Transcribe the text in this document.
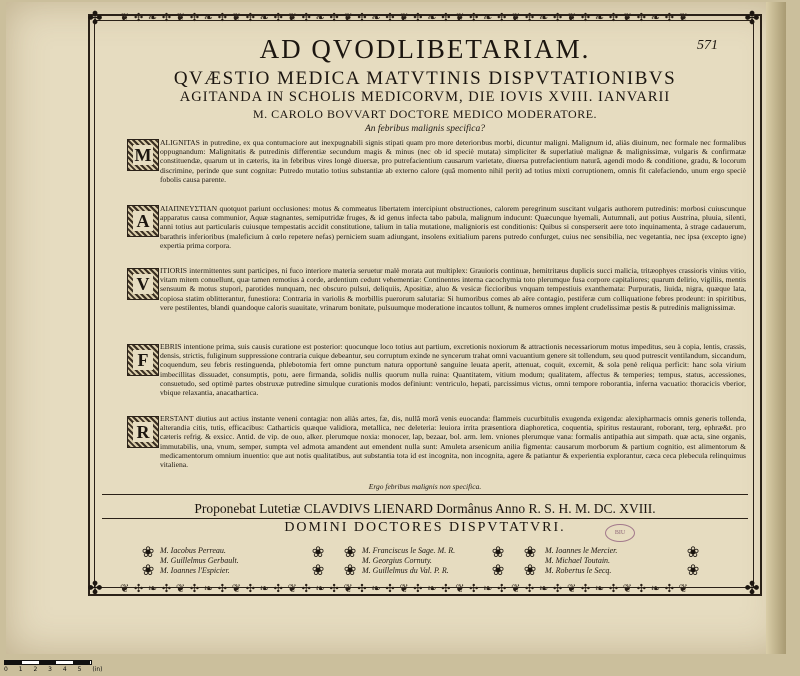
❦ ✣ ❧ ✣ ❦ ✣ ❧ ✣ ❦ ✣ ❧ ✣ ❦ ✣ ❧ ✣ ❦ ✣ ❧ ✣ ❦ ✣ ❧ ✣ ❦ ✣ ❧ ✣ ❦ ✣ ❧ ✣ ❦ ✣ ❧ ✣ ❦ ✣ ❧ ✣ ❦
❦ ✣ ❧ ✣ ❦ ✣ ❧ ✣ ❦ ✣ ❧ ✣ ❦ ✣ ❧ ✣ ❦ ✣ ❧ ✣ ❦ ✣ ❧ ✣ ❦ ✣ ❧ ✣ ❦ ✣ ❧ ✣ ❦ ✣ ❧ ✣ ❦ ✣ ❧ ✣ ❦
✤	✤
✤	✤
AD QVODLIBETARIAM.	571
QVÆSTIO MEDICA MATVTINIS DISPVTATIONIBVS
AGITANDA IN SCHOLIS MEDICORVM, DIE IOVIS XVIII. IANVARII
M. CAROLO BOVVART DOCTORE MEDICO MODERATORE.
An febribus malignis specifica?
M
ALIGNITAS in putredine, ex qua contumaciore aut inexpugnabili signis stipati quam pro more deteriorıbus morbi, dicuntur maligni. Malignum id, aliàs diuinum, nec formale nec formalibus oppugnandum: Malignitatis & putredinis differentiæ secundum magis & minus (nec ob id speciè mutata) simpliciter & superlatiuè malignæ & malignissimæ, vulgaris & confirmatæ constituendæ, quarum ut in cæteris, ita in febribus vires longè diuersæ, pro putrefacientium causarum varietate, diuersa putrefacientium naturâ, agendi modo & conditione, gradu, & locorum discrimine, perinde que sunt cognitæ: Putredo mutatio totius substantiæ ab externo calore (quâ momento nihil perit) ad totius mixti corruptionem, omnis fit calefaciendo, unum ergo speciè fobolis causa parente.
A
ΑΙΑΠΝΕΥΣΤΙΑΝ quotquot pariunt occlusiones: motus & commeatus libertatem intercipiunt obstructiones, calorem peregrinum suscitant vulgaris authorem putredinis: morbosi cuiuscunque apparatus causa communior, Aquæ stagnantes, semiputridæ fruges, & id genus infecta tabo pabula, malignum inducunt: Quæcunque hyemali, Autumnali, aut potius Austrina, pluuia, silenti, anni totius aut particularis cuiusque tempestatis accidit constitutione, talium in talia mutatione, malignioris est conditionis: Quibus si consperserit aere toto inquinamenta, à strage cadauerum, barathris inferioribus (maleficium à cœlo repetere nefas) perniciem suam adiungant, insolens exitialium parens putredo confurget, cuius nec sensibilia, nec vegetantia, nec ipsa (excepto igne) expertia prima corpora.
V
ITIORIS intermittentes sunt participes, ni fuco interiore materia seruetur malè morata aut multiplex: Grauioris continuæ, hemitritæus duplicis succi malicia, tritæophyes crassioris vinius vitio, vitam mitem conuellunt, quæ tamen remotius à corde, ardentium cedunt vehementiæ: Continentes interna cacochymia toto plerumque fusa corpore capitaliores; quarum delirio, vigiliis, mentis sensuum & motus stupori, parotides nunquam, nec obscuro pulsui, deliquiis, Apositiæ, aluo & vesicæ ficcioribus vnquam tempestiuis exanthemata: Purpuratis, liuida, nigra, quæque lata, copiosa statim oblitterantur, funestiora: Contraria in variolis & morbillis puerorum salutaria: Si humoribus comes ab aëre contagio, pestiferæ cum colliquatione febres prodeunt: in spiritibus, vere pestilentes, blandi quandoque caloris suauitate, vrinarum bonitate, pulsuumque moderatione incautos tollunt, & numeros omnes implent crudelissimæ pestis & putredinis malignissimæ.
F
EBRIS intentione prima, suis causis curatione est posterior: quocunque loco totius aut partium, excretionis noxiorum & attractionis necessariorum motus impeditus, seu à copia, lentis, crassis, densis, strictis, fuliginum suppressione contraria cuique debeantur, seu corruptum exinde ne syncerum trahat omni vacuantium genere sit tollendum, seu quod putrescit ventilandum, siccandum, coquendum, seu febris restinguenda, phlebotomia fert omne punctum natura opportunè sanguine leuata aperit, attenuat, coquit, excernit, & sola penè reliqua perficit: hanc sola virium imbecillitas dissuadet, consumptis, potu, aere firmanda, solidis nullis quorum nulla ruina: Quantitatem, vitium modum; qualitatem, affectus & temperies; tempus, status, accessiones, consuetudo, sed optimè partes obstruxæ putredine simulque curationis modos definiunt: ventriculo, hepati, parcissimus victus, omni tempore roborantia, inferna vacuatio: thoracicis vberior, vbique relaxantia, anacathartica.
R
ERSTANT diutius aut actius instante veneni contagia: non aliàs artes, fæ, dis, nullâ morâ venis euocanda: flammeis cucurbitulis exugenda exigenda: alexipharmacis omnis generis tollenda, alterandia citis, tutis, efficacibus: Catharticis quæque validiora, metallica, nec deleteria: leuiora irrita præsentiora diaphoretica, coquentia, spiritus restaurant, roborant, terg, ephræ&t. pro cæteris refrig. & exsicc. Antid. de vip. de ouo, alker. plerumque noxia: monocer, lap, bezaar, bol. arm. lem. vniones plerumque vana: formalis antipathia aut simpath. quæ acta, sine organis, immutabilis, una, vnum, semper, sumpta vel admota amandent aut emendent nulla sunt: Amuleta arsenicum anilia figmenta: causarum morborum & partium cognitio, est alimentorum & medicamentorum omnium inuentio: que aut notis qualitatibus, aut substantia tota id est incognita, non incognita, agere & patiantur & experientia explorantur, cæca ceca plebecula relinquimus vitaliena.
Ergo febribus malignis non specifica.
Proponebat Lutetiæ CLAVDIVS LIENARD Dormânus Anno R. S. H. M. DC. XVIII.
DOMINI DOCTORES DISPVTATVRI.
❀
❀
❀
❀
❀
❀
❀
❀
❀
❀
❀
❀
M. Iacobus Perreau.
M. Guillelmus Gerbault.
M. Ioannes l'Espicier.
M. Franciscus le Sage. M. R.
M. Georgius Cornuty.
M. Guillelmus du Val. P. R.
M. Ioannes le Mercier.
M. Michael Toutain.
M. Robertus le Secq.
BIU
0 1 2 3 4 5 (in)
